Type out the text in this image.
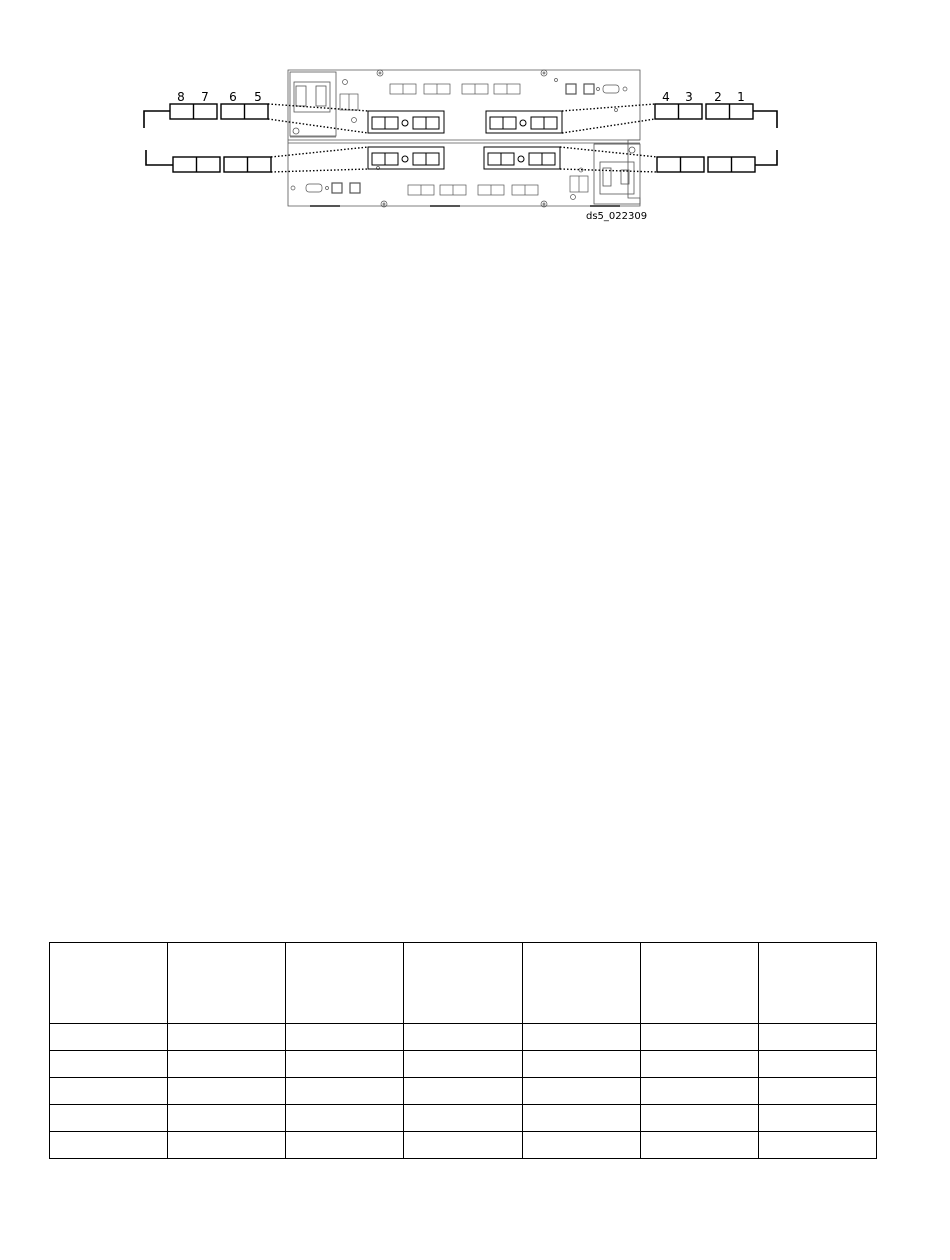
8 7 6 5	4 3 2 1
ds5_022309
